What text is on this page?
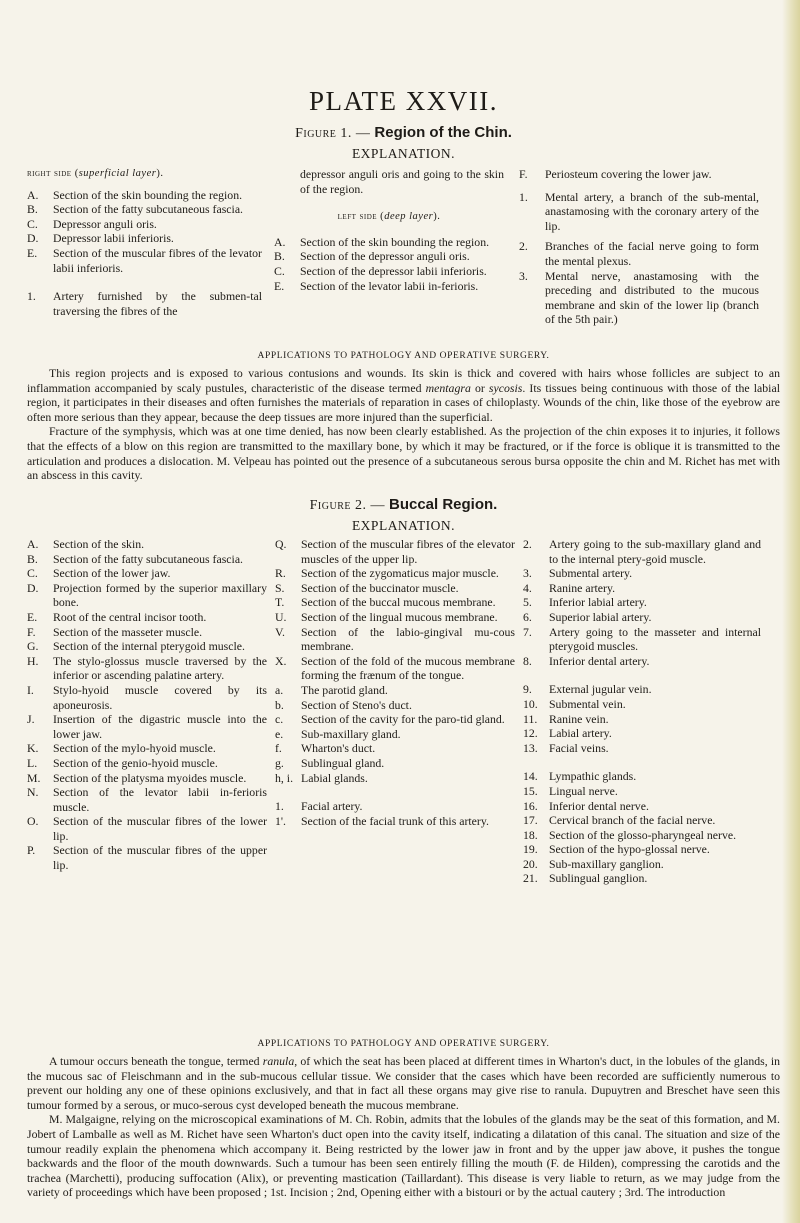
PLATE XXVII.
Figure 1. — Region of the Chin.
EXPLANATION.
right side (superficial layer).
A.	Section of the skin bounding the region.
B.	Section of the fatty subcutaneous fascia.
C.	Depressor anguli oris.
D.	Depressor labii inferioris.
E.	Section of the muscular fibres of the levator labii inferioris.
1.	Artery furnished by the submen-tal traversing the fibres of the
depressor anguli oris and going to the skin of the region.
left side (deep layer).
A.	Section of the skin bounding the region.
B.	Section of the depressor anguli oris.
C.	Section of the depressor labii inferioris.
E.	Section of the levator labii in-ferioris.
F.	Periosteum covering the lower jaw.
1.	Mental artery, a branch of the sub-mental, anastamosing with the coronary artery of the lip.
2.	Branches of the facial nerve going to form the mental plexus.
3.	Mental nerve, anastamosing with the preceding and distributed to the mucous membrane and skin of the lower lip (branch of the 5th pair.)
APPLICATIONS TO PATHOLOGY AND OPERATIVE SURGERY.

This region projects and is exposed to various contusions and wounds. Its skin is thick and covered with hairs whose follicles are subject to an inflammation accompanied by scaly pustules, characteristic of the disease termed mentagra or sycosis. Its tissues being continuous with those of the labial region, it participates in their diseases and often furnishes the materials of reparation in cases of chiloplasty. Wounds of the chin, like those of the eyebrow are often more serious than they appear, because the deep tissues are more injured than the superficial.

Fracture of the symphysis, which was at one time denied, has now been clearly established. As the projection of the chin exposes it to injuries, it follows that the effects of a blow on this region are transmitted to the maxillary bone, by which it may be fractured, or if the force is oblique it is transmitted to the articulation and produces a dislocation. M. Velpeau has pointed out the presence of a subcutaneous serous bursa opposite the chin and M. Richet has met with an abscess in this cavity.

Figure 2. — Buccal Region.
EXPLANATION.
A.	Section of the skin.
B.	Section of the fatty subcutaneous fascia.
C.	Section of the lower jaw.
D.	Projection formed by the superior maxillary bone.
E.	Root of the central incisor tooth.
F.	Section of the masseter muscle.
G.	Section of the internal pterygoid muscle.
H.	The stylo-glossus muscle traversed by the inferior or ascending palatine artery.
I.	Stylo-hyoid muscle covered by its aponeurosis.
J.	Insertion of the digastric muscle into the lower jaw.
K.	Section of the mylo-hyoid muscle.
L.	Section of the genio-hyoid muscle.
M.	Section of the platysma myoides muscle.
N.	Section of the levator labii in-ferioris muscle.
O.	Section of the muscular fibres of the lower lip.
P.	Section of the muscular fibres of the upper lip.
Q.	Section of the muscular fibres of the elevator muscles of the upper lip.
R.	Section of the zygomaticus major muscle.
S.	Section of the buccinator muscle.
T.	Section of the buccal mucous membrane.
U.	Section of the lingual mucous membrane.
V.	Section of the labio-gingival mu-cous membrane.
X.	Section of the fold of the mucous membrane forming the frænum of the tongue.
a.	The parotid gland.
b.	Section of Steno's duct.
c.	Section of the cavity for the paro-tid gland.
e.	Sub-maxillary gland.
f.	Wharton's duct.
g.	Sublingual gland.
h, i. Labial glands.
1.	Facial artery.
1'.	Section of the facial trunk of this artery.
2.	Artery going to the sub-maxillary gland and to the internal ptery-goid muscle.
3.	Submental artery.
4.	Ranine artery.
5.	Inferior labial artery.
6.	Superior labial artery.
7.	Artery going to the masseter and internal pterygoid muscles.
8.	Inferior dental artery.
9.	External jugular vein.
10. Submental vein.
11. Ranine vein.
12. Labial artery.
13. Facial veins.
14. Lympathic glands.
15. Lingual nerve.
16. Inferior dental nerve.
17. Cervical branch of the facial nerve.
18. Section of the glosso-pharyngeal nerve.
19. Section of the hypo-glossal nerve.
20. Sub-maxillary ganglion.
21. Sublingual ganglion.
APPLICATIONS TO PATHOLOGY AND OPERATIVE SURGERY.

A tumour occurs beneath the tongue, termed ranula, of which the seat has been placed at different times in Wharton's duct, in the lobules of the glands, in the mucous sac of Fleischmann and in the sub-mucous cellular tissue. We consider that the cases which have been recorded are sufficiently numerous to prevent our holding any one of these opinions exclusively, and that in fact all these organs may give rise to ranula. Dupuytren and Breschet have seen this tumour formed by a serous, or muco-serous cyst developed beneath the mucous membrane.

M. Malgaigne, relying on the microscopical examinations of M. Ch. Robin, admits that the lobules of the glands may be the seat of this formation, and M. Jobert of Lamballe as well as M. Richet have seen Wharton's duct open into the cavity itself, indicating a dilatation of this canal. The situation and size of the tumour readily explain the phenomena which accompany it. Being restricted by the lower jaw in front and by the upper jaw above, it pushes the tongue backwards and the floor of the mouth downwards. Such a tumour has been seen entirely filling the mouth (F. de Hilden), compressing the carotids and the trachea (Marchetti), producing suffocation (Alix), or preventing mastication (Taillardant). This disease is very liable to return, as we may judge from the variety of proceedings which have been proposed ; 1st. Incision ; 2nd, Opening either with a bistouri or by the actual cautery ; 3rd. The introduction
